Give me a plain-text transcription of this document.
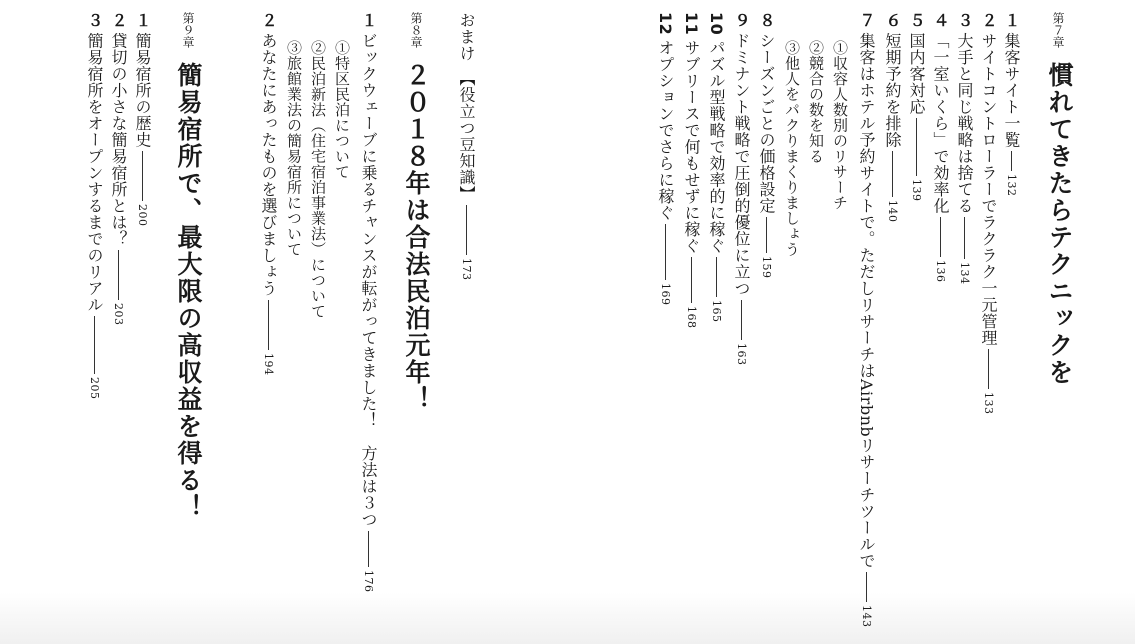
第７章
慣れてきたらテクニックを
１集客サイト一覧132
２サイトコントローラーでラクラク一元管理133
３大手と同じ戦略は捨てる134
４「一室いくら」で効率化136
５国内客対応139
６短期予約を排除140
７集客はホテル予約サイトで。ただしリサーチはAirbnbリサーチツールで143
①収容人数別のリサーチ
②競合の数を知る
③他人をパクりまくりましょう
８シーズンごとの価格設定159
９ドミナント戦略で圧倒的優位に立つ163
10パズル型戦略で効率的に稼ぐ165
11サブリースで何もせずに稼ぐ168
12オプションでさらに稼ぐ169
おまけ　【役立つ豆知識】173
第８章
２０１８年は合法民泊元年！
１ビックウェーブに乗るチャンスが転がってきました！　方法は３つ176
①特区民泊について
②民泊新法（住宅宿泊事業法）について
③旅館業法の簡易宿所について
２あなたにあったものを選びましょう194
第９章
簡易宿所で、最大限の高収益を得る！
１簡易宿所の歴史200
２貸切の小さな簡易宿所とは？203
３簡易宿所をオープンするまでのリアル205
